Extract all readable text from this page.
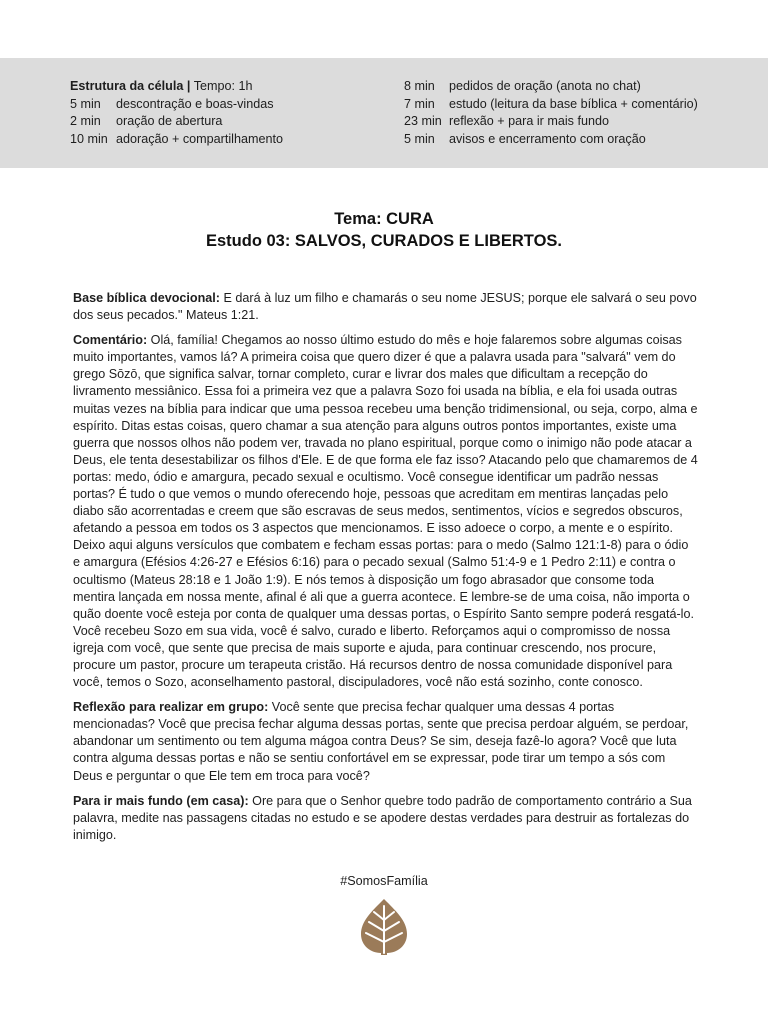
Estrutura da célula | Tempo: 1h
5 min descontração e boas-vindas
2 min oração de abertura
10 min adoração + compartilhamento
8 min pedidos de oração (anota no chat)
7 min estudo (leitura da base bíblica + comentário)
23 min reflexão + para ir mais fundo
5 min avisos e encerramento com oração
Tema: CURA
Estudo 03: SALVOS, CURADOS E LIBERTOS.

Base bíblica devocional: E dará à luz um filho e chamarás o seu nome JESUS; porque ele salvará o seu povo dos seus pecados." Mateus 1:21.

Comentário: Olá, família! Chegamos ao nosso último estudo do mês e hoje falaremos sobre algumas coisas muito importantes, vamos lá? A primeira coisa que quero dizer é que a palavra usada para "salvará" vem do grego Sōzō, que significa salvar, tornar completo, curar e livrar dos males que dificultam a recepção do livramento messiânico. Essa foi a primeira vez que a palavra Sozo foi usada na bíblia, e ela foi usada outras muitas vezes na bíblia para indicar que uma pessoa recebeu uma benção tridimensional, ou seja, corpo, alma e espírito. Ditas estas coisas, quero chamar a sua atenção para alguns outros pontos importantes, existe uma guerra que nossos olhos não podem ver, travada no plano espiritual, porque como o inimigo não pode atacar a Deus, ele tenta desestabilizar os filhos d'Ele. E de que forma ele faz isso? Atacando pelo que chamaremos de 4 portas: medo, ódio e amargura, pecado sexual e ocultismo. Você consegue identificar um padrão nessas portas? É tudo o que vemos o mundo oferecendo hoje, pessoas que acreditam em mentiras lançadas pelo diabo são acorrentadas e creem que são escravas de seus medos, sentimentos, vícios e segredos obscuros, afetando a pessoa em todos os 3 aspectos que mencionamos. E isso adoece o corpo, a mente e o espírito. Deixo aqui alguns versículos que combatem e fecham essas portas: para o medo (Salmo 121:1-8) para o ódio e amargura (Efésios 4:26-27 e Efésios 6:16) para o pecado sexual (Salmo 51:4-9 e 1 Pedro 2:11) e contra o ocultismo (Mateus 28:18 e 1 João 1:9). E nós temos à disposição um fogo abrasador que consome toda mentira lançada em nossa mente, afinal é ali que a guerra acontece. E lembre-se de uma coisa, não importa o quão doente você esteja por conta de qualquer uma dessas portas, o Espírito Santo sempre poderá resgatá-lo. Você recebeu Sozo em sua vida, você é salvo, curado e liberto. Reforçamos aqui o compromisso de nossa igreja com você, que sente que precisa de mais suporte e ajuda, para continuar crescendo, nos procure, procure um pastor, procure um terapeuta cristão. Há recursos dentro de nossa comunidade disponível para você, temos o Sozo, aconselhamento pastoral, discipuladores, você não está sozinho, conte conosco.

Reflexão para realizar em grupo: Você sente que precisa fechar qualquer uma dessas 4 portas mencionadas? Você que precisa fechar alguma dessas portas, sente que precisa perdoar alguém, se perdoar, abandonar um sentimento ou tem alguma mágoa contra Deus? Se sim, deseja fazê-lo agora? Você que luta contra alguma dessas portas e não se sentiu confortável em se expressar, pode tirar um tempo a sós com Deus e perguntar o que Ele tem em troca para você?

Para ir mais fundo (em casa): Ore para que o Senhor quebre todo padrão de comportamento contrário a Sua palavra, medite nas passagens citadas no estudo e se apodere destas verdades para destruir as fortalezas do inimigo.

#SomosFamília
